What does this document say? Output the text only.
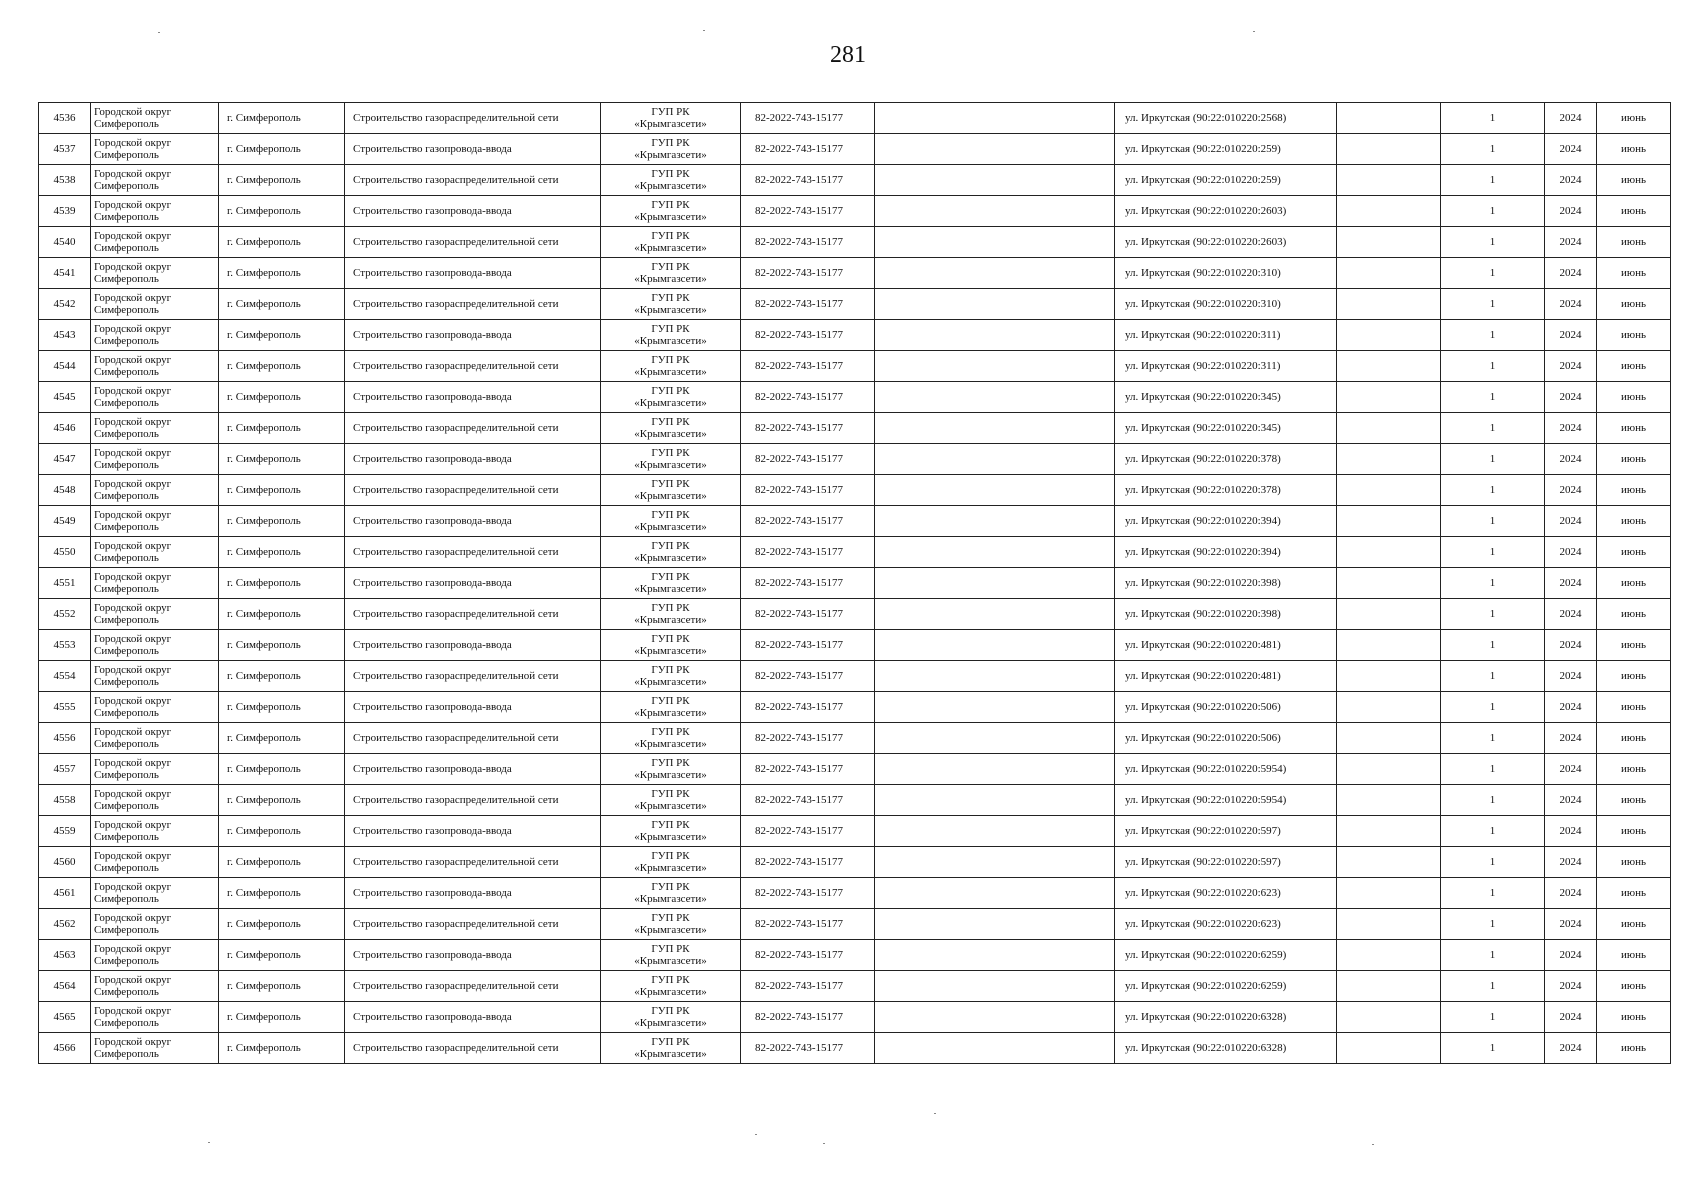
281
4536	Городской округ
Симферополь	г. Симферополь	Строительство газораспределительной сети	ГУП РК
«Крымгазсети»	82-2022-743-15177		ул. Иркутская (90:22:010220:2568)		1	2024	июнь
4537	Городской округ
Симферополь	г. Симферополь	Строительство газопровода-ввода	ГУП РК
«Крымгазсети»	82-2022-743-15177		ул. Иркутская (90:22:010220:259)		1	2024	июнь
4538	Городской округ
Симферополь	г. Симферополь	Строительство газораспределительной сети	ГУП РК
«Крымгазсети»	82-2022-743-15177		ул. Иркутская (90:22:010220:259)		1	2024	июнь
4539	Городской округ
Симферополь	г. Симферополь	Строительство газопровода-ввода	ГУП РК
«Крымгазсети»	82-2022-743-15177		ул. Иркутская (90:22:010220:2603)		1	2024	июнь
4540	Городской округ
Симферополь	г. Симферополь	Строительство газораспределительной сети	ГУП РК
«Крымгазсети»	82-2022-743-15177		ул. Иркутская (90:22:010220:2603)		1	2024	июнь
4541	Городской округ
Симферополь	г. Симферополь	Строительство газопровода-ввода	ГУП РК
«Крымгазсети»	82-2022-743-15177		ул. Иркутская (90:22:010220:310)		1	2024	июнь
4542	Городской округ
Симферополь	г. Симферополь	Строительство газораспределительной сети	ГУП РК
«Крымгазсети»	82-2022-743-15177		ул. Иркутская (90:22:010220:310)		1	2024	июнь
4543	Городской округ
Симферополь	г. Симферополь	Строительство газопровода-ввода	ГУП РК
«Крымгазсети»	82-2022-743-15177		ул. Иркутская (90:22:010220:311)		1	2024	июнь
4544	Городской округ
Симферополь	г. Симферополь	Строительство газораспределительной сети	ГУП РК
«Крымгазсети»	82-2022-743-15177		ул. Иркутская (90:22:010220:311)		1	2024	июнь
4545	Городской округ
Симферополь	г. Симферополь	Строительство газопровода-ввода	ГУП РК
«Крымгазсети»	82-2022-743-15177		ул. Иркутская (90:22:010220:345)		1	2024	июнь
4546	Городской округ
Симферополь	г. Симферополь	Строительство газораспределительной сети	ГУП РК
«Крымгазсети»	82-2022-743-15177		ул. Иркутская (90:22:010220:345)		1	2024	июнь
4547	Городской округ
Симферополь	г. Симферополь	Строительство газопровода-ввода	ГУП РК
«Крымгазсети»	82-2022-743-15177		ул. Иркутская (90:22:010220:378)		1	2024	июнь
4548	Городской округ
Симферополь	г. Симферополь	Строительство газораспределительной сети	ГУП РК
«Крымгазсети»	82-2022-743-15177		ул. Иркутская (90:22:010220:378)		1	2024	июнь
4549	Городской округ
Симферополь	г. Симферополь	Строительство газопровода-ввода	ГУП РК
«Крымгазсети»	82-2022-743-15177		ул. Иркутская (90:22:010220:394)		1	2024	июнь
4550	Городской округ
Симферополь	г. Симферополь	Строительство газораспределительной сети	ГУП РК
«Крымгазсети»	82-2022-743-15177		ул. Иркутская (90:22:010220:394)		1	2024	июнь
4551	Городской округ
Симферополь	г. Симферополь	Строительство газопровода-ввода	ГУП РК
«Крымгазсети»	82-2022-743-15177		ул. Иркутская (90:22:010220:398)		1	2024	июнь
4552	Городской округ
Симферополь	г. Симферополь	Строительство газораспределительной сети	ГУП РК
«Крымгазсети»	82-2022-743-15177		ул. Иркутская (90:22:010220:398)		1	2024	июнь
4553	Городской округ
Симферополь	г. Симферополь	Строительство газопровода-ввода	ГУП РК
«Крымгазсети»	82-2022-743-15177		ул. Иркутская (90:22:010220:481)		1	2024	июнь
4554	Городской округ
Симферополь	г. Симферополь	Строительство газораспределительной сети	ГУП РК
«Крымгазсети»	82-2022-743-15177		ул. Иркутская (90:22:010220:481)		1	2024	июнь
4555	Городской округ
Симферополь	г. Симферополь	Строительство газопровода-ввода	ГУП РК
«Крымгазсети»	82-2022-743-15177		ул. Иркутская (90:22:010220:506)		1	2024	июнь
4556	Городской округ
Симферополь	г. Симферополь	Строительство газораспределительной сети	ГУП РК
«Крымгазсети»	82-2022-743-15177		ул. Иркутская (90:22:010220:506)		1	2024	июнь
4557	Городской округ
Симферополь	г. Симферополь	Строительство газопровода-ввода	ГУП РК
«Крымгазсети»	82-2022-743-15177		ул. Иркутская (90:22:010220:5954)		1	2024	июнь
4558	Городской округ
Симферополь	г. Симферополь	Строительство газораспределительной сети	ГУП РК
«Крымгазсети»	82-2022-743-15177		ул. Иркутская (90:22:010220:5954)		1	2024	июнь
4559	Городской округ
Симферополь	г. Симферополь	Строительство газопровода-ввода	ГУП РК
«Крымгазсети»	82-2022-743-15177		ул. Иркутская (90:22:010220:597)		1	2024	июнь
4560	Городской округ
Симферополь	г. Симферополь	Строительство газораспределительной сети	ГУП РК
«Крымгазсети»	82-2022-743-15177		ул. Иркутская (90:22:010220:597)		1	2024	июнь
4561	Городской округ
Симферополь	г. Симферополь	Строительство газопровода-ввода	ГУП РК
«Крымгазсети»	82-2022-743-15177		ул. Иркутская (90:22:010220:623)		1	2024	июнь
4562	Городской округ
Симферополь	г. Симферополь	Строительство газораспределительной сети	ГУП РК
«Крымгазсети»	82-2022-743-15177		ул. Иркутская (90:22:010220:623)		1	2024	июнь
4563	Городской округ
Симферополь	г. Симферополь	Строительство газопровода-ввода	ГУП РК
«Крымгазсети»	82-2022-743-15177		ул. Иркутская (90:22:010220:6259)		1	2024	июнь
4564	Городской округ
Симферополь	г. Симферополь	Строительство газораспределительной сети	ГУП РК
«Крымгазсети»	82-2022-743-15177		ул. Иркутская (90:22:010220:6259)		1	2024	июнь
4565	Городской округ
Симферополь	г. Симферополь	Строительство газопровода-ввода	ГУП РК
«Крымгазсети»	82-2022-743-15177		ул. Иркутская (90:22:010220:6328)		1	2024	июнь
4566	Городской округ
Симферополь	г. Симферополь	Строительство газораспределительной сети	ГУП РК
«Крымгазсети»	82-2022-743-15177		ул. Иркутская (90:22:010220:6328)		1	2024	июнь
